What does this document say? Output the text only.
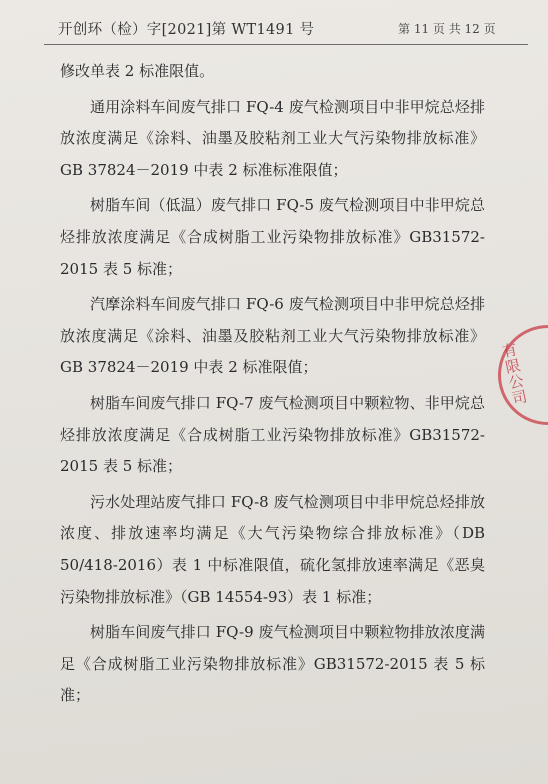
开创环（检）字[2021]第 WT1491 号	第 11 页 共 12 页

修改单表 2 标准限值。

通用涂料车间废气排口 FQ-4 废气检测项目中非甲烷总烃排放浓度满足《涂料、油墨及胶粘剂工业大气污染物排放标准》GB 37824－2019 中表 2 标准标准限值；

树脂车间（低温）废气排口 FQ-5 废气检测项目中非甲烷总烃排放浓度满足《合成树脂工业污染物排放标准》GB31572-2015 表 5 标准；

汽摩涂料车间废气排口 FQ-6 废气检测项目中非甲烷总烃排放浓度满足《涂料、油墨及胶粘剂工业大气污染物排放标准》GB 37824－2019 中表 2 标准限值；

树脂车间废气排口 FQ-7 废气检测项目中颗粒物、非甲烷总烃排放浓度满足《合成树脂工业污染物排放标准》GB31572-2015 表 5 标准；

污水处理站废气排口 FQ-8 废气检测项目中非甲烷总烃排放浓度、排放速率均满足《大气污染物综合排放标准》（DB 50/418-2016）表 1 中标准限值，硫化氢排放速率满足《恶臭污染物排放标准》（GB 14554-93）表 1 标准；

树脂车间废气排口 FQ-9 废气检测项目中颗粒物排放浓度满足《合成树脂工业污染物排放标准》GB31572-2015 表 5 标准；

有限公司
